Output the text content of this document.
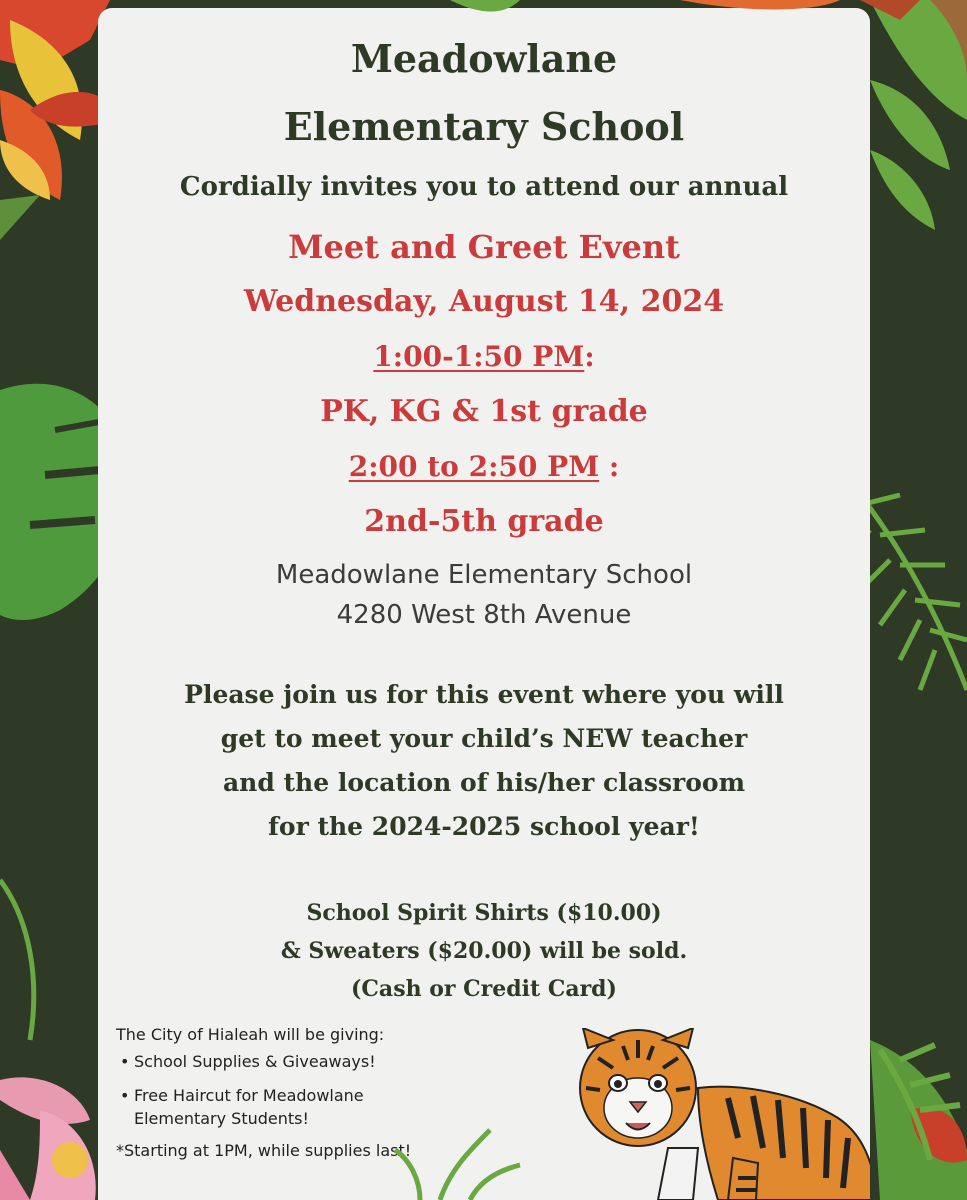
Meadowlane
Elementary School
Cordially invites you to attend our annual
Meet and Greet Event
Wednesday, August 14, 2024
1:00-1:50 PM:
PK, KG & 1st grade
2:00 to 2:50 PM :
2nd-5th grade
Meadowlane Elementary School
4280 West 8th Avenue
Please join us for this event where you will
get to meet your child’s NEW teacher
and the location of his/her classroom
for the 2024-2025 school year!
School Spirit Shirts ($10.00)
& Sweaters ($20.00) will be sold.
(Cash or Credit Card)
The City of Hialeah will be giving:
• School Supplies & Giveaways!
• Free Haircut for Meadowlane Elementary Students!
*Starting at 1PM, while supplies last!
